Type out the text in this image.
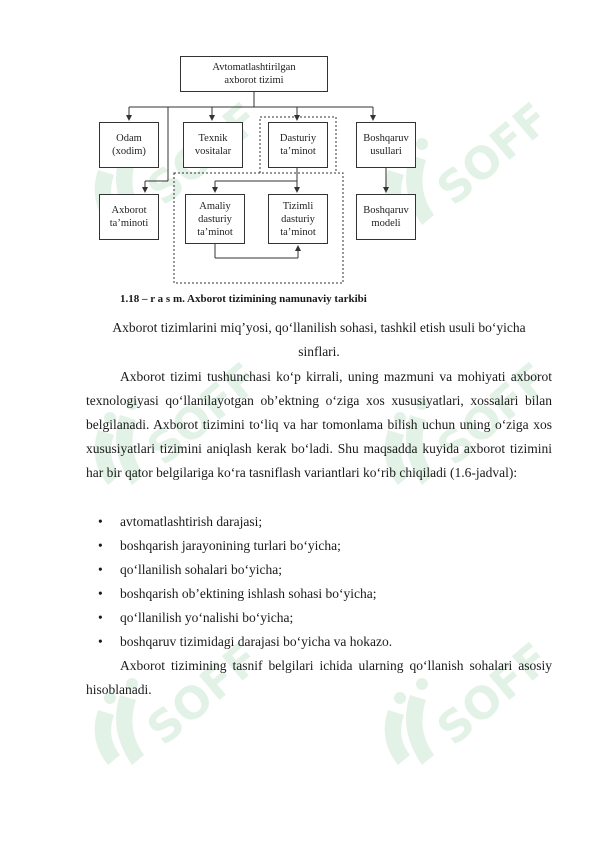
SOFF
SOFF	SOFF
SOFF	SOFF
Avtomatlashtirilgan
axborot tizimi
Odam
(xodim)
Texnik
vositalar
Dasturiy
ta’minot
Boshqaruv
usullari
Axborot
ta’minoti
Amaliy
dasturiy
ta’minot
Tizimli
dasturiy
ta’minot
Boshqaruv
modeli
1.18 – r a s m. Axborot tizimining namunaviy tarkibi
Axborot tizimlarini miq’yosi, qo‘llanilish sohasi, tashkil etish usuli bo‘yicha
sinflari.

Axborot tizimi tushunchasi ko‘p kirrali, uning mazmuni va mohiyati axborot texnologiyasi qo‘llanilayotgan ob’ektning o‘ziga xos xususiyatlari, xossalari bilan belgilanadi. Axborot tizimini to‘liq va har tomonlama bilish uchun uning o‘ziga xos xususiyatlari tizimini aniqlash kerak bo‘ladi. Shu maqsadda kuyida axborot tizimini har bir qator belgilariga ko‘ra tasniflash variantlari ko‘rib chiqiladi (1.6-jadval):

•	avtomatlashtirish darajasi;
•	boshqarish jarayonining turlari bo‘yicha;
•	qo‘llanilish sohalari bo‘yicha;
•	boshqarish ob’ektining ishlash sohasi bo‘yicha;
•	qo‘llanilish yo‘nalishi bo‘yicha;
•	boshqaruv tizimidagi darajasi bo‘yicha va hokazo.

Axborot tizimining tasnif belgilari ichida ularning qo‘llanish sohalari asosiy hisoblanadi.
